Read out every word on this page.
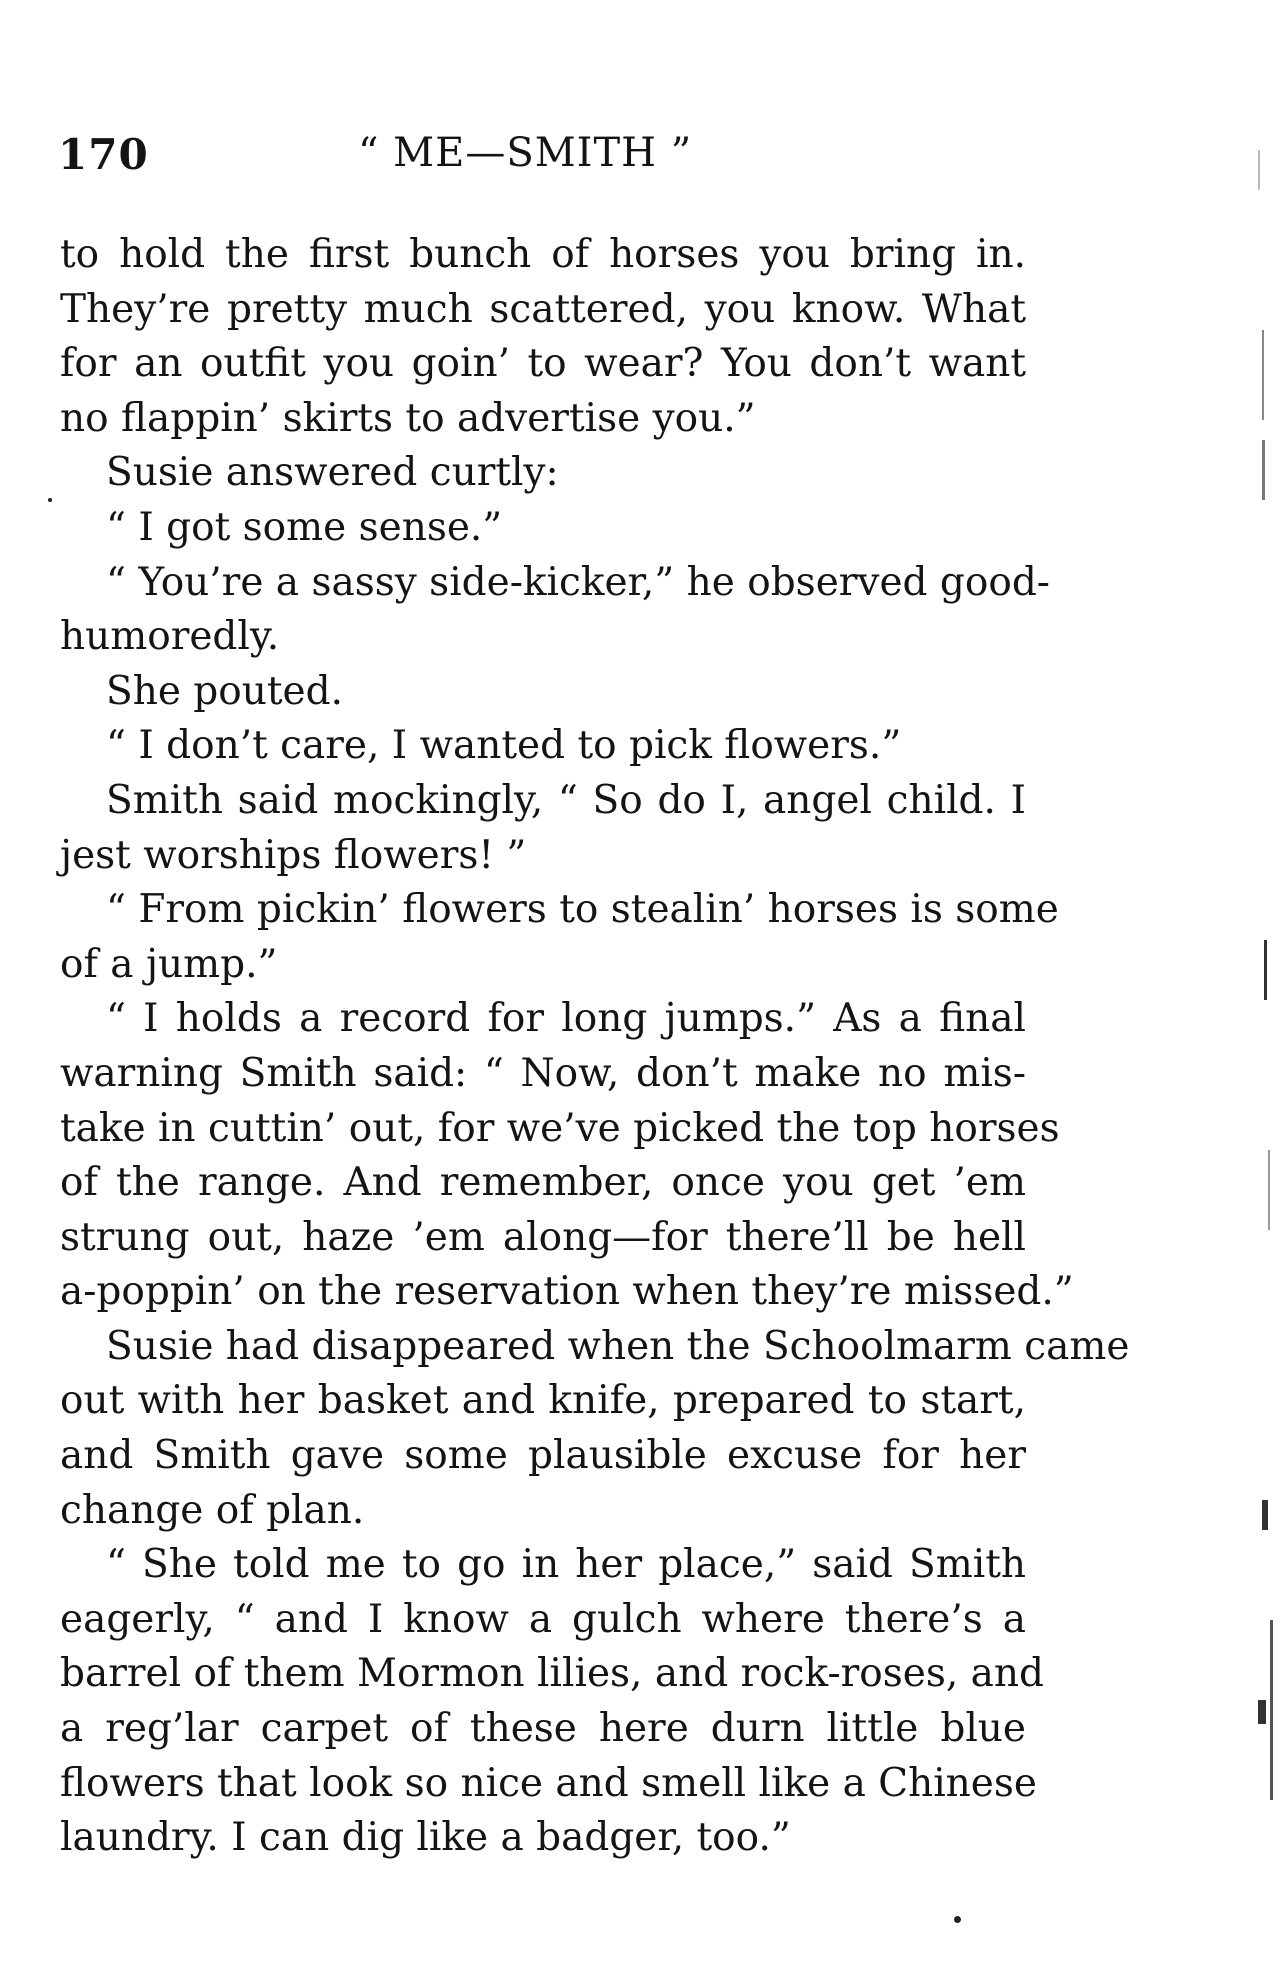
170	“ ME—SMITH ”
to hold the first bunch of horses you bring in.
They’re pretty much scattered, you know. What
for an outfit you goin’ to wear? You don’t want
no flappin’ skirts to advertise you.”
Susie answered curtly:
“ I got some sense.”
“ You’re a sassy side-kicker,” he observed good-
humoredly.
She pouted.
“ I don’t care, I wanted to pick flowers.”
Smith said mockingly, “ So do I, angel child. I
jest worships flowers! ”
“ From pickin’ flowers to stealin’ horses is some
of a jump.”
“ I holds a record for long jumps.” As a final
warning Smith said: “ Now, don’t make no mis-
take in cuttin’ out, for we’ve picked the top horses
of the range. And remember, once you get ’em
strung out, haze ’em along—for there’ll be hell
a-poppin’ on the reservation when they’re missed.”
Susie had disappeared when the Schoolmarm came
out with her basket and knife, prepared to start,
and Smith gave some plausible excuse for her
change of plan.
“ She told me to go in her place,” said Smith
eagerly, “ and I know a gulch where there’s a
barrel of them Mormon lilies, and rock-roses, and
a reg’lar carpet of these here durn little blue
flowers that look so nice and smell like a Chinese
laundry. I can dig like a badger, too.”
